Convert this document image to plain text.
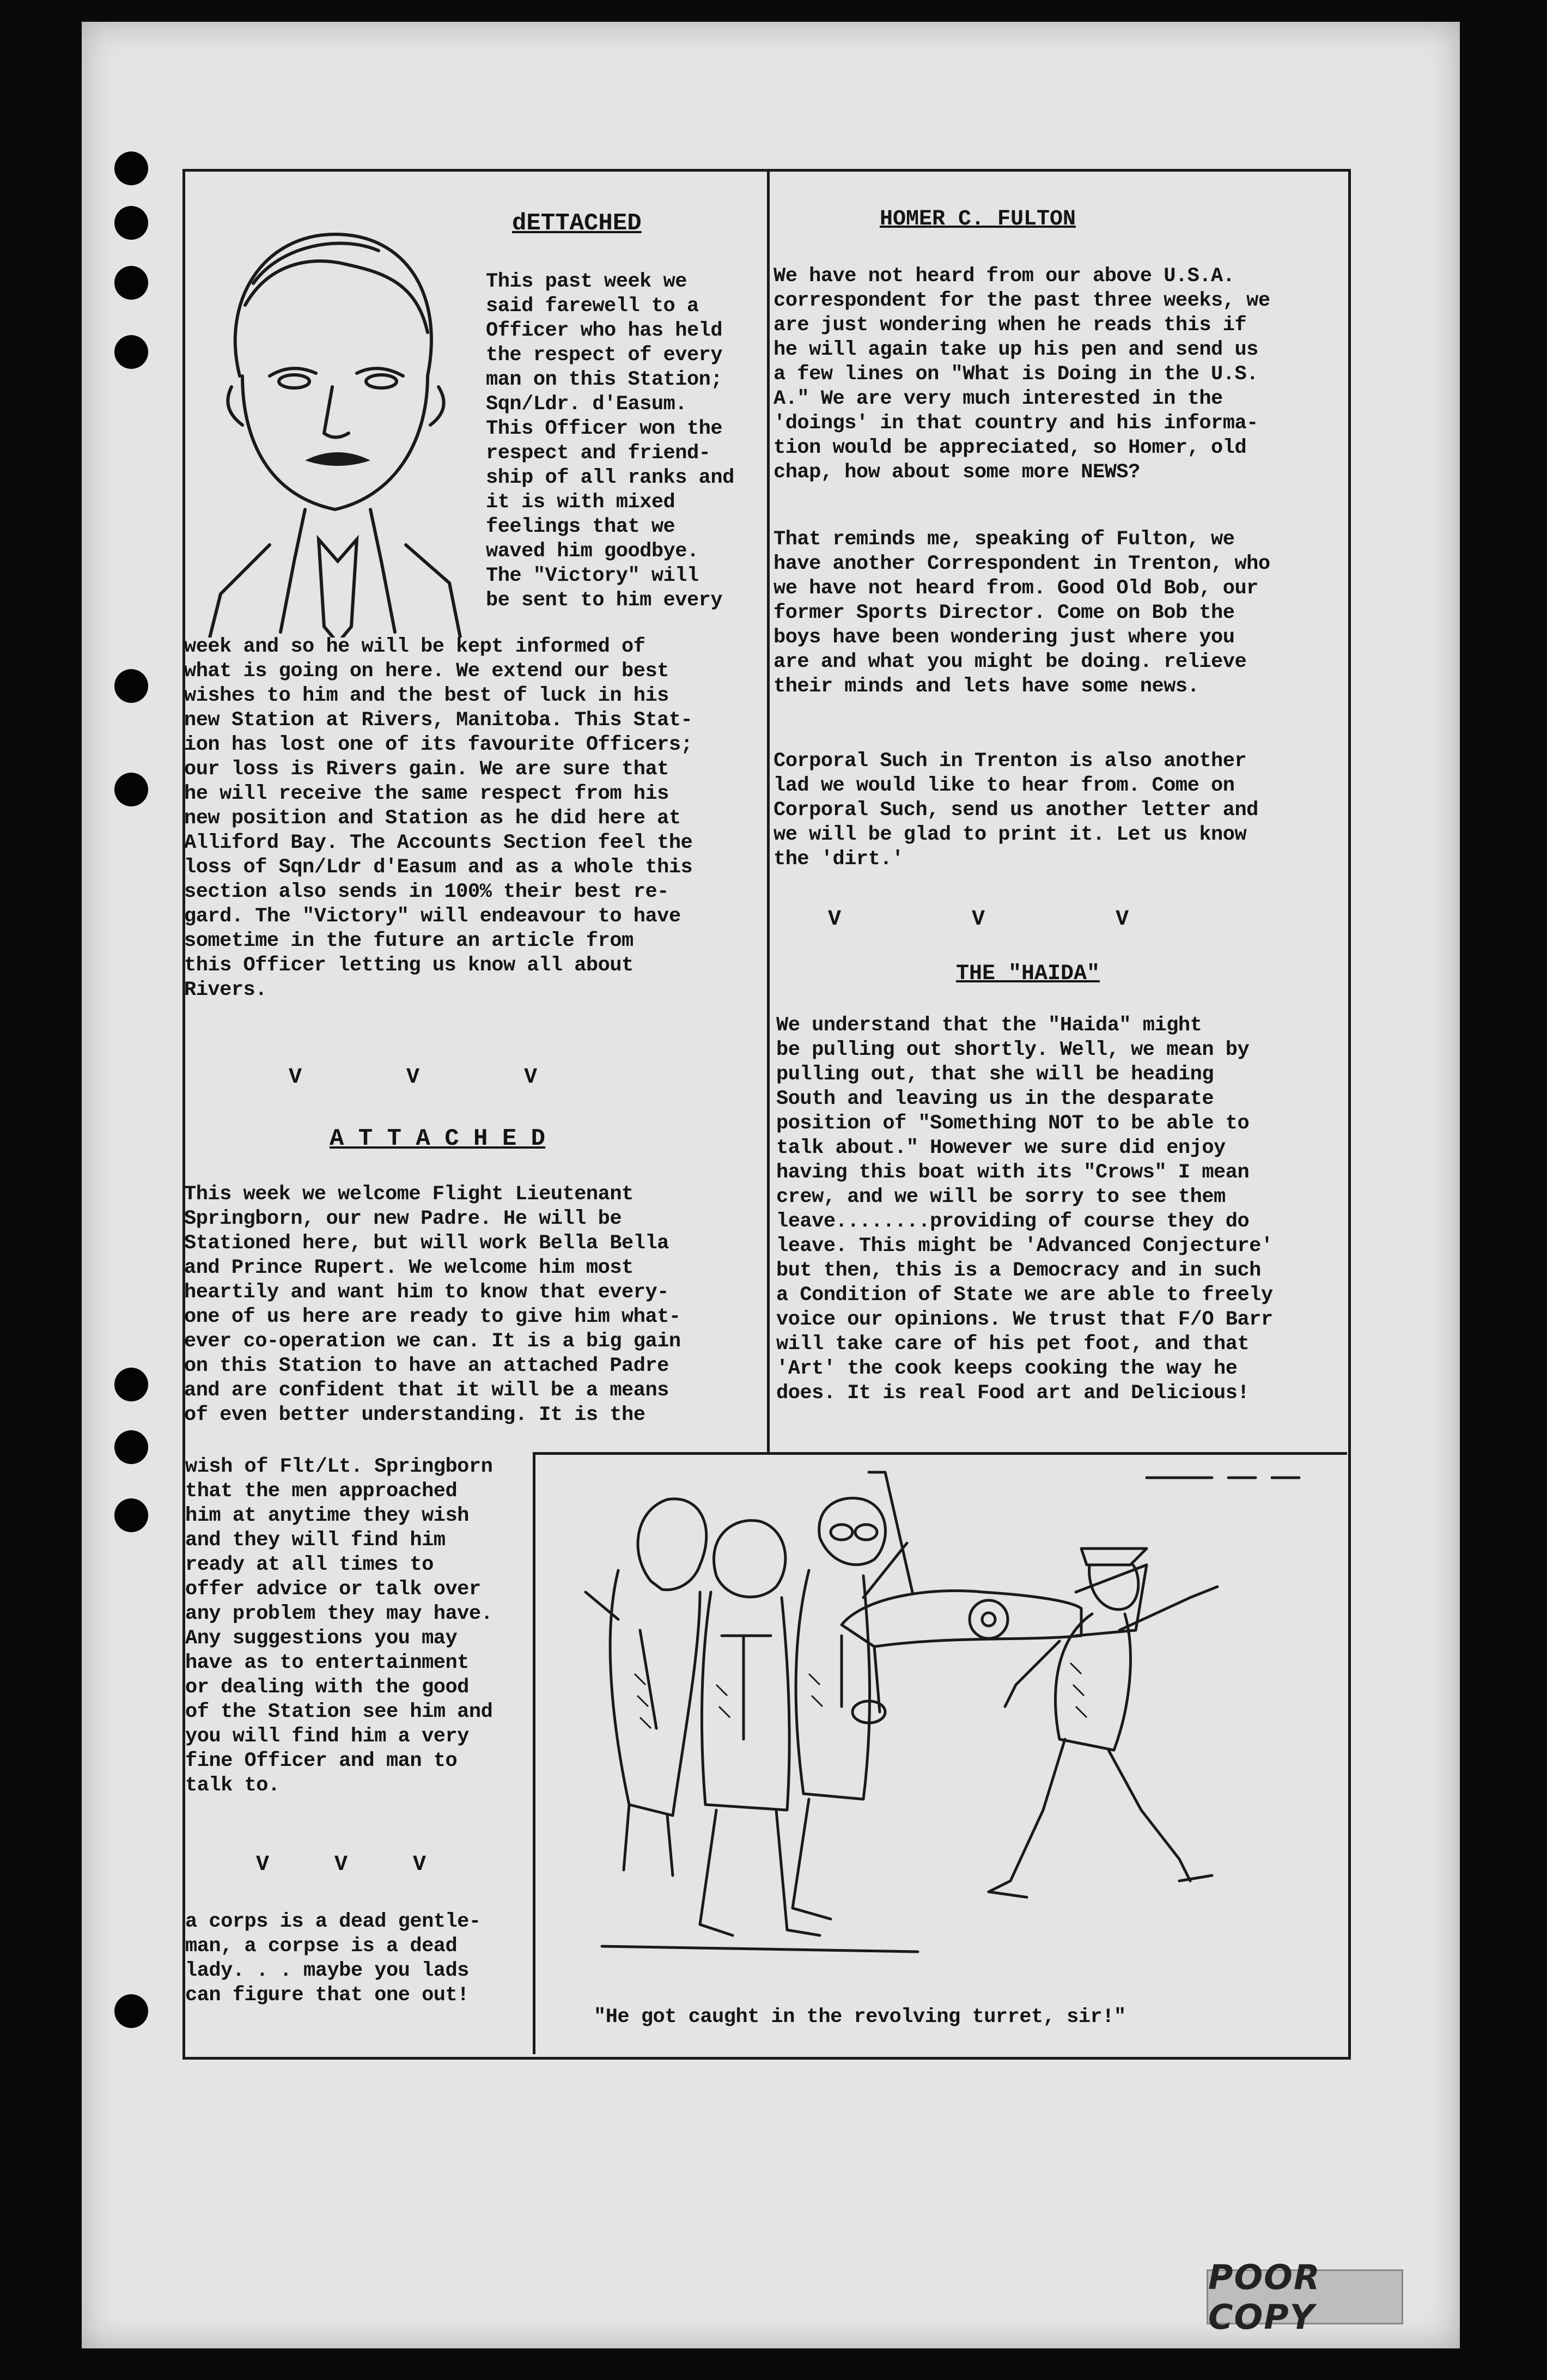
dETTACHED
This past week we
said farewell to a
Officer who has held
the respect of every
man on this Station;
Sqn/Ldr. d'Easum.
This Officer won the
respect and friend-
ship of all ranks and
it is with mixed
feelings that we
waved him goodbye.
The "Victory" will
be sent to him every
week and so he will be kept informed of
what is going on here. We extend our best
wishes to him and the best of luck in his
new Station at Rivers, Manitoba. This Stat-
ion has lost one of its favourite Officers;
our loss is Rivers gain. We are sure that
he will receive the same respect from his
new position and Station as he did here at
Alliford Bay. The Accounts Section feel the
loss of Sqn/Ldr d'Easum and as a whole this
section also sends in 100% their best re-
gard. The "Victory" will endeavour to have
sometime in the future an article from
this Officer letting us know all about
Rivers.
V        V        V
A T T A C H E D
This week we welcome Flight Lieutenant
Springborn, our new Padre. He will be
Stationed here, but will work Bella Bella
and Prince Rupert. We welcome him most
heartily and want him to know that every-
one of us here are ready to give him what-
ever co-operation we can. It is a big gain
on this Station to have an attached Padre
and are confident that it will be a means
of even better understanding. It is the
wish of Flt/Lt. Springborn
that the men approached
him at anytime they wish
and they will find him
ready at all times to
offer advice or talk over
any problem they may have.
Any suggestions you may
have as to entertainment
or dealing with the good
of the Station see him and
you will find him a very
fine Officer and man to
talk to.
V     V     V
a corps is a dead gentle-
man, a corpse is a dead
lady. . . maybe you lads
can figure that one out!
HOMER C. FULTON
We have not heard from our above U.S.A.
correspondent for the past three weeks, we
are just wondering when he reads this if
he will again take up his pen and send us
a few lines on "What is Doing in the U.S.
A." We are very much interested in the
'doings' in that country and his informa-
tion would be appreciated, so Homer, old
chap, how about some more NEWS?
That reminds me, speaking of Fulton, we
have another Correspondent in Trenton, who
we have not heard from. Good Old Bob, our
former Sports Director. Come on Bob the
boys have been wondering just where you
are and what you might be doing. relieve
their minds and lets have some news.
Corporal Such in Trenton is also another
lad we would like to hear from. Come on
Corporal Such, send us another letter and
we will be glad to print it. Let us know
the 'dirt.'
V          V          V
THE "HAIDA"
We understand that the "Haida" might
be pulling out shortly. Well, we mean by
pulling out, that she will be heading
South and leaving us in the desparate
position of "Something NOT to be able to
talk about." However we sure did enjoy
having this boat with its "Crows" I mean
crew, and we will be sorry to see them
leave........providing of course they do
leave. This might be 'Advanced Conjecture'
but then, this is a Democracy and in such
a Condition of State we are able to freely
voice our opinions. We trust that F/O Barr
will take care of his pet foot, and that
'Art' the cook keeps cooking the way he
does. It is real Food art and Delicious!
"He got caught in the revolving turret, sir!"
POOR COPY
